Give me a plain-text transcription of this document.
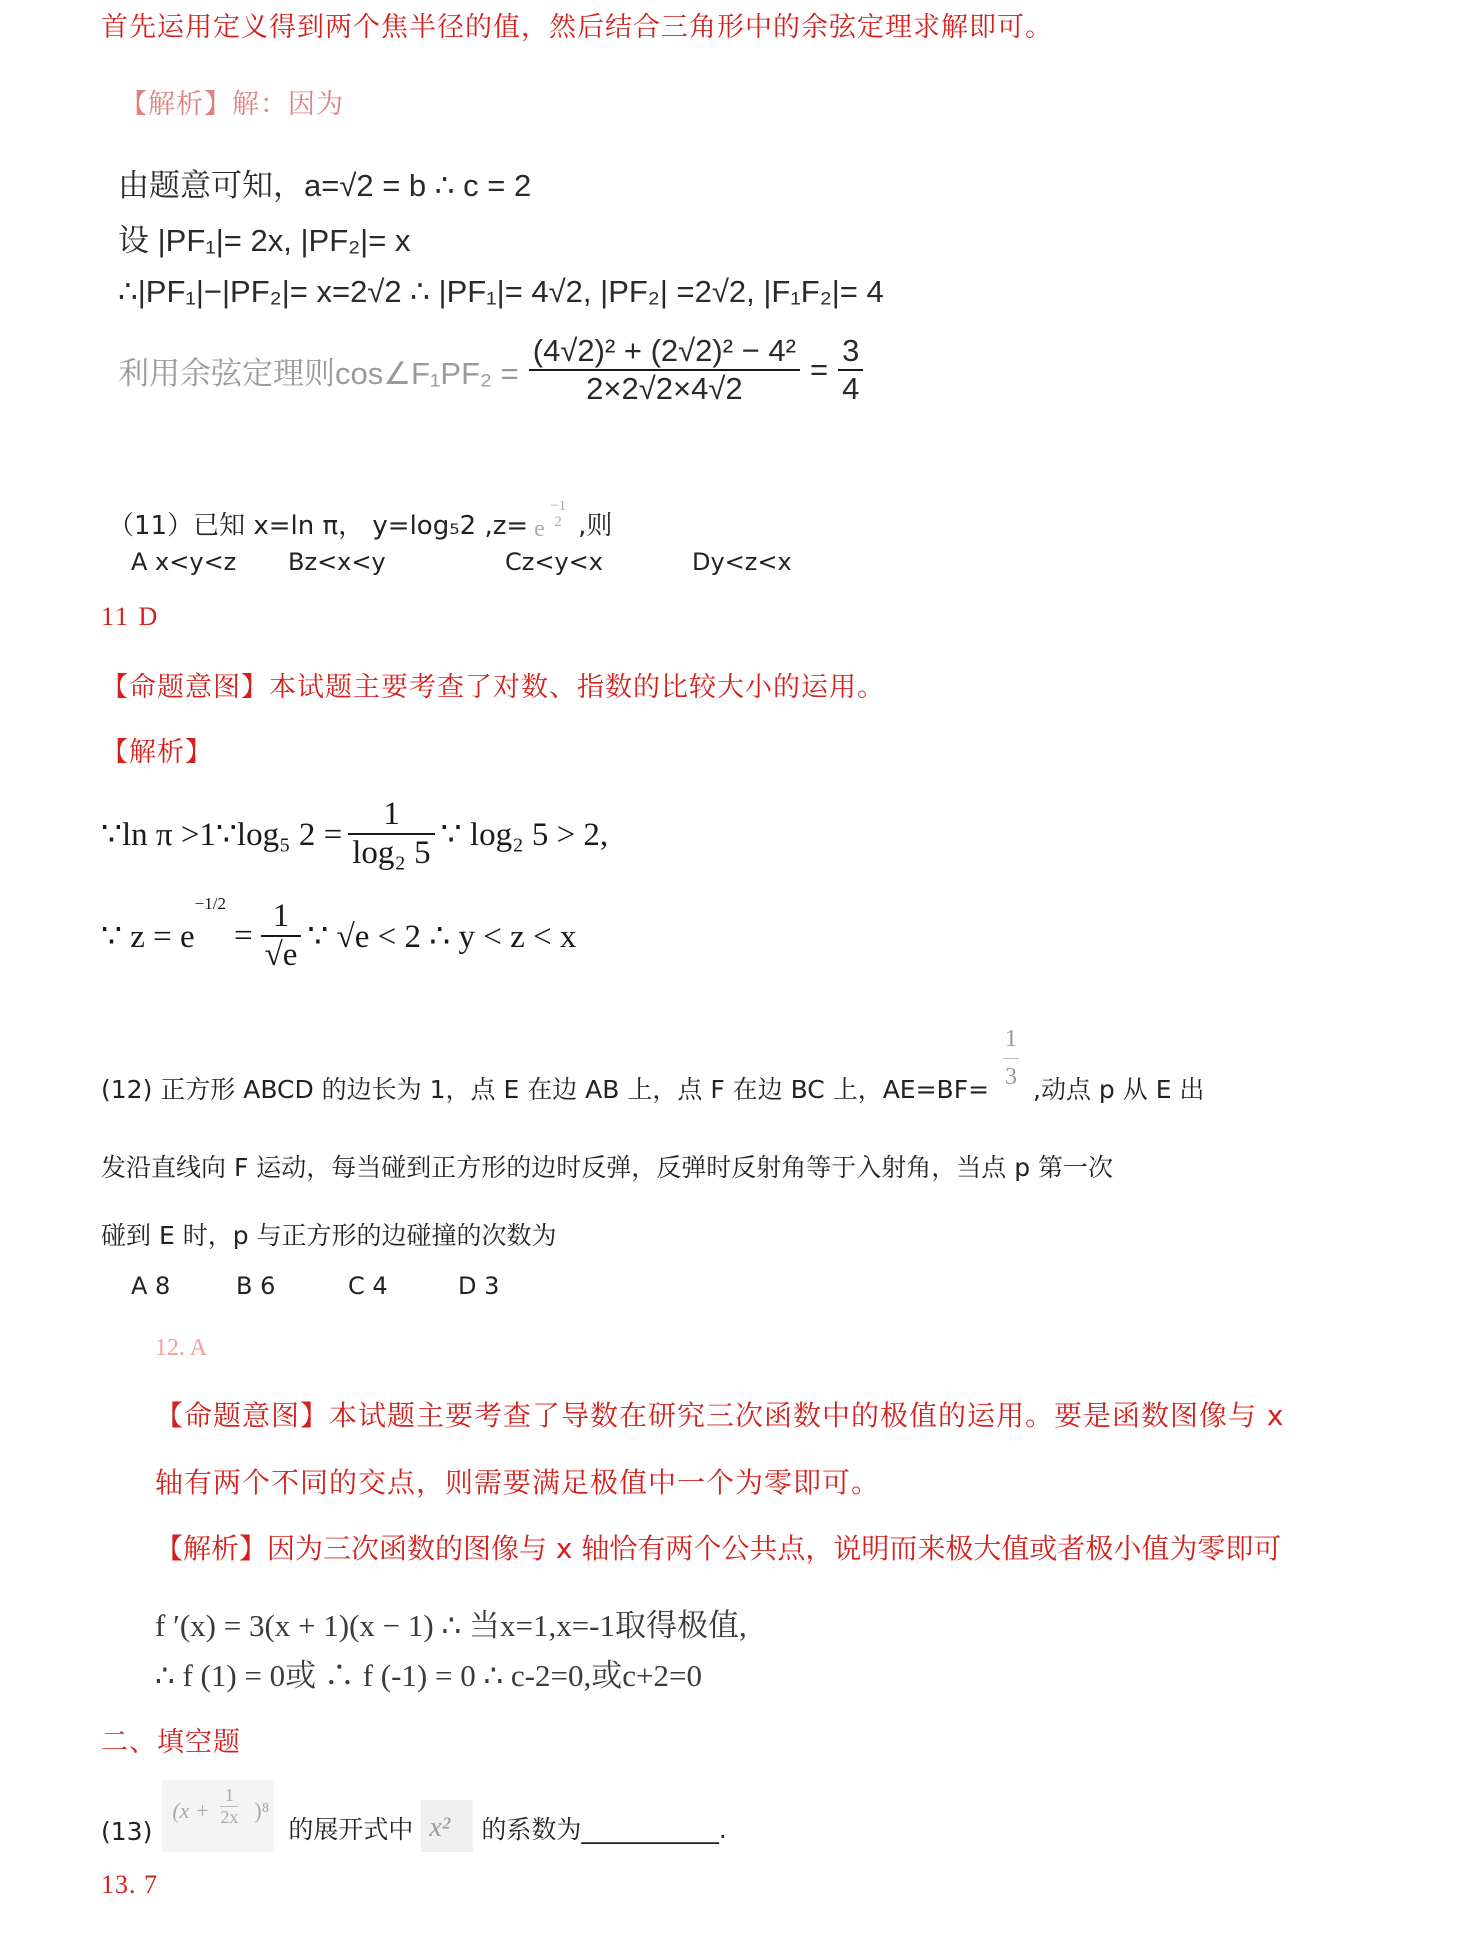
首先运用定义得到两个焦半径的值，然后结合三角形中的余弦定理求解即可。
【解析】解：因为
由题意可知，a=√2 = b ∴ c = 2
设 |PF₁|= 2x, |PF₂|= x
∴|PF₁|−|PF₂|= x=2√2 ∴ |PF₁|= 4√2, |PF₂| =2√2, |F₁F₂|= 4
利用余弦定理则cos∠F₁PF₂ = $\frac{\text{(4√2)² + (2√2)² − 4²}}{2\times 2√2\times 4√2} = \frac{3}{4}$
（11）已知 x=ln π， y=log₅2 ,z= e
−1
2 ,则
A x<y<z Bz<x<y	Cz<y<x	Dy<z<x
11 D
【命题意图】本试题主要考查了对数、指数的比较大小的运用。
【解析】
∵ln π >1∵log₅ $2 = \frac{1}{\text{log₂ 5}}$ ∵ log₂ 5 > 2,
∵ z = e
−1/2
= $\frac{1}{√e}$ ∵ √e < 2 ∴ y < z < x
(12) 正方形 ABCD 的边长为 1，点 E 在边 AB 上，点 F 在边 BC 上，AE=BF=
1
3 ,动点 p 从 E 出
发沿直线向 F 运动，每当碰到正方形的边时反弹，反弹时反射角等于入射角，当点 p 第一次
碰到 E 时，p 与正方形的边碰撞的次数为
A 8	B 6	C 4	D 3
12. A
【命题意图】本试题主要考查了导数在研究三次函数中的极值的运用。要是函数图像与 x
轴有两个不同的交点，则需要满足极值中一个为零即可。
【解析】因为三次函数的图像与 x 轴恰有两个公共点，说明而来极大值或者极小值为零即可
f ′(x) = 3(x + 1)(x − 1) ∴ 当x=1,x=-1取得极值,
∴ f (1) = 0或 ∴ f (-1) = 0 ∴ c-2=0,或c+2=0
二、填空题
(13)
(x +
1
2x )⁸
的展开式中 x² 的系数为___________.
13. 7
